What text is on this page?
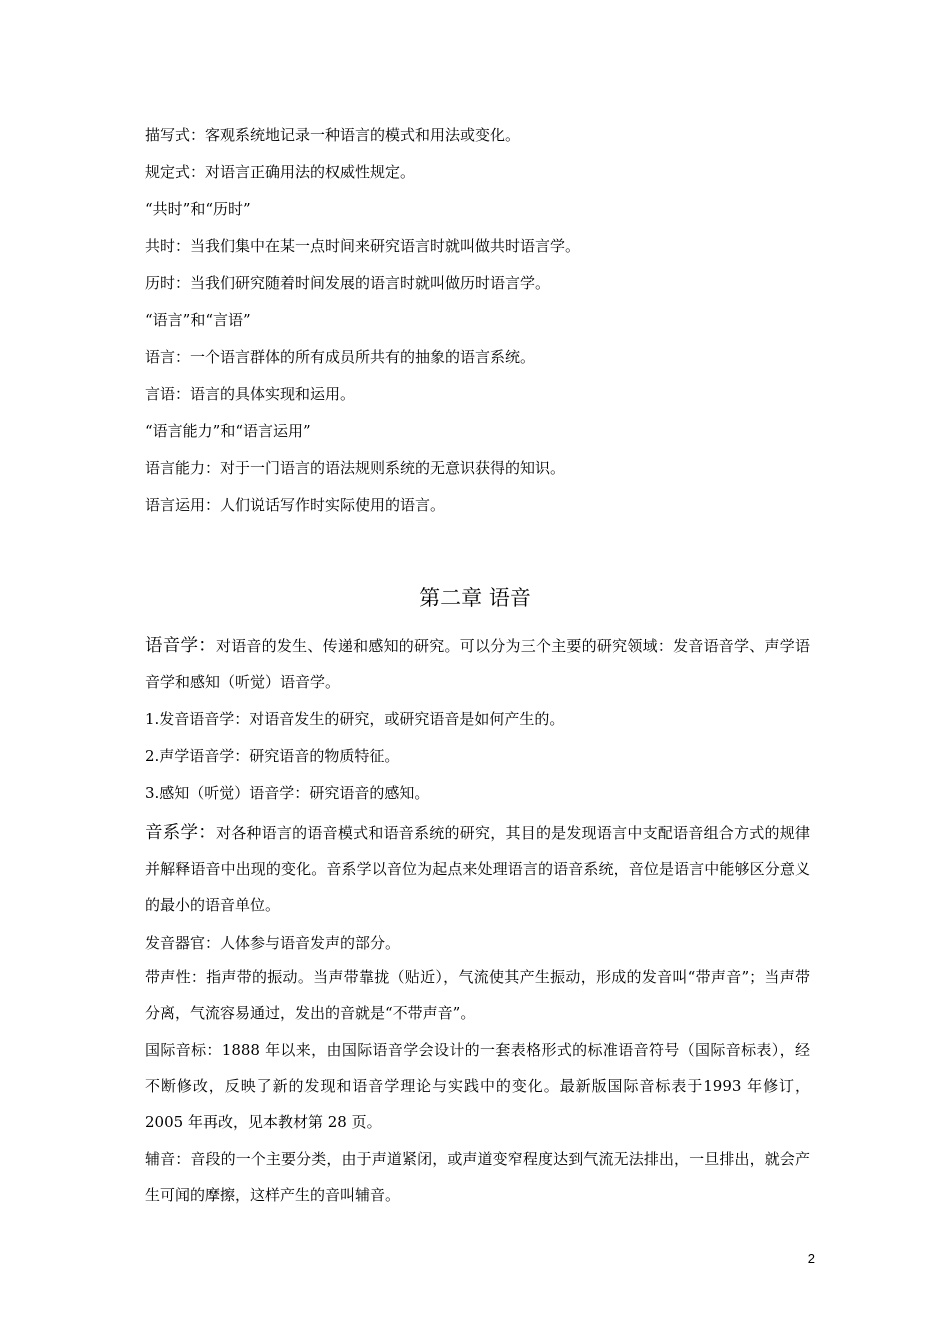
描写式：客观系统地记录一种语言的模式和用法或变化。
规定式：对语言正确用法的权威性规定。
“共时”和“历时”
共时：当我们集中在某一点时间来研究语言时就叫做共时语言学。
历时：当我们研究随着时间发展的语言时就叫做历时语言学。
“语言”和“言语”
语言：一个语言群体的所有成员所共有的抽象的语言系统。
言语：语言的具体实现和运用。
“语言能力”和“语言运用”
语言能力：对于一门语言的语法规则系统的无意识获得的知识。
语言运用：人们说话写作时实际使用的语言。
第二章 语音
语音学：对语音的发生、传递和感知的研究。可以分为三个主要的研究领域：发音语音学、声学语音学和感知（听觉）语音学。
1.发音语音学：对语音发生的研究，或研究语音是如何产生的。
2.声学语音学：研究语音的物质特征。
3.感知（听觉）语音学：研究语音的感知。
音系学：对各种语言的语音模式和语音系统的研究，其目的是发现语言中支配语音组合方式的规律并解释语音中出现的变化。音系学以音位为起点来处理语言的语音系统，音位是语言中能够区分意义的最小的语音单位。
发音器官：人体参与语音发声的部分。
带声性：指声带的振动。当声带靠拢（贴近），气流使其产生振动，形成的发音叫“带声音”；当声带分离，气流容易通过，发出的音就是“不带声音”。
国际音标：1888 年以来，由国际语音学会设计的一套表格形式的标准语音符号（国际音标表），经不断修改，反映了新的发现和语音学理论与实践中的变化。最新版国际音标表于1993 年修订，2005 年再改，见本教材第 28 页。
辅音：音段的一个主要分类，由于声道紧闭，或声道变窄程度达到气流无法排出，一旦排出，就会产生可闻的摩擦，这样产生的音叫辅音。
2
